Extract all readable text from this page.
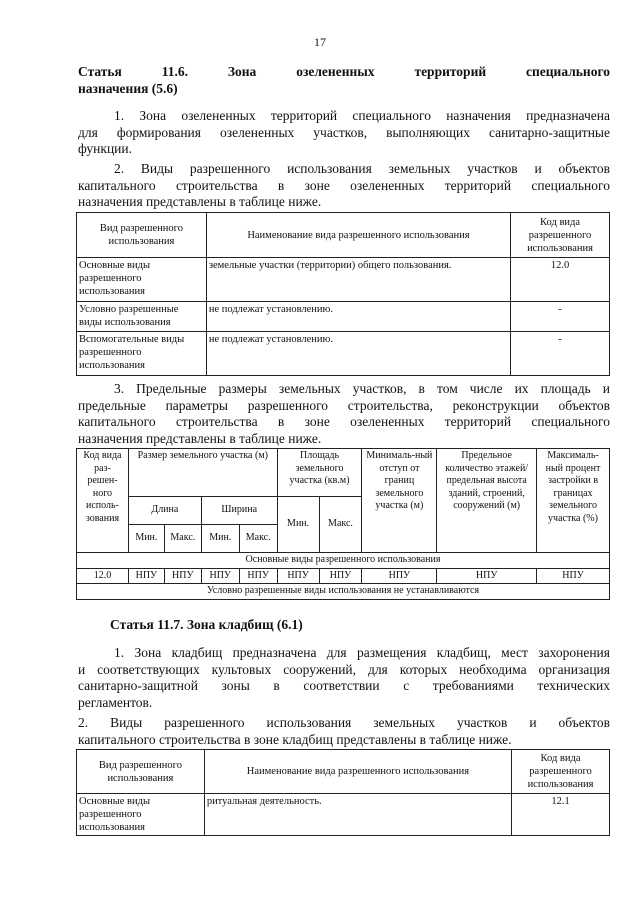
17
Статья	11.6.	Зона	озелененных	территорий	специального
назначения (5.6)
1. Зона озелененных территорий специального назначения предназначена
для формирования озелененных участков, выполняющих санитарно-защитные
функции.
2. Виды разрешенного использования земельных участков и объектов
капитального строительства в зоне озелененных территорий специального
назначения представлены в таблице ниже.
Вид разрешенного использования	Наименование вида разрешенного использования	Код вида разрешенного использования
Основные виды разрешенного использования	земельные участки (территории) общего пользования.	12.0
Условно разрешенные виды использования	не подлежат установлению.	-
Вспомогательные виды разрешенного использования	не подлежат установлению.	-
3. Предельные размеры земельных участков, в том числе их площадь и
предельные параметры разрешенного строительства, реконструкции объектов
капитального строительства в зоне озелененных территорий специального
назначения представлены в таблице ниже.
Код вида раз-решен-ного исполь-зования	Размер земельного участка (м)				Площадь земельного участка (кв.м)		Минималь-ный отступ от границ земельного участка (м)	Предельное количество этажей/ предельная высота зданий, строений, сооружений (м)	Максималь-ный процент застройки в границах земельного участка (%)
	Длина		Ширина		Мин.	Макс.			
	Мин.	Макс.	Мин.	Макс.					
Основные виды разрешенного использования									
12.0	НПУ	НПУ	НПУ	НПУ	НПУ	НПУ	НПУ	НПУ	НПУ
Условно разрешенные виды использования не устанавливаются									
Статья 11.7. Зона кладбищ (6.1)
1. Зона кладбищ предназначена для размещения кладбищ, мест захоронения
и соответствующих культовых сооружений, для которых необходима организация
санитарно-защитной зоны в соответствии с требованиями технических
регламентов.
2. Виды разрешенного использования земельных участков и объектов
капитального строительства в зоне кладбищ представлены в таблице ниже.
Вид разрешенного использования	Наименование вида разрешенного использования	Код вида разрешенного использования
Основные виды разрешенного использования	ритуальная деятельность.	12.1
